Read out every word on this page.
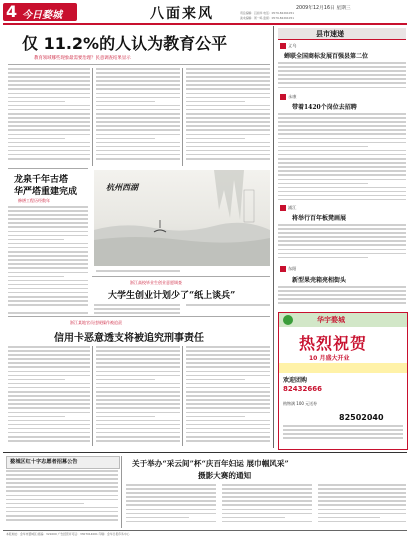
4 今日婺城	八面来风	2009年12月16日 星期三
责任编辑：吕旭华 电话：0579-82261051
美术编辑：周一鸣 监督：0579-82261051
仅 11.2%的人认为教育公平
教育领域哪些现象最需要治理？民意调查结果显示
龙泉千年古塔
华严塔重建完成
修缮工程历经数年
杭州西湖
浙江高校毕业生创业意愿调查
大学生创业计划少了“纸上谈兵”
浙江某地官员违规操作被追责
信用卡恶意透支将被追究刑事责任
县市速递
义乌
蝉联全国商标发展百强县第二位
永康
带着1420个岗位去招聘
浦江
将举行百年板凳画展
东阳
新型果壳箱亮相街头
华宇婺城
热烈祝贺
10 月盛大开业
欢迎团购
82432666
购物满 100 元送券
82502040
婺城区红十字志愿者招募公告	关于举办“采云间”杯“庆百年妇运 展巾帼风采”
摄影大赛的通知
本报地址：金华市婺城区 邮编：321000 广告经营许可证：3307014001 印刷：金华日报印务中心
